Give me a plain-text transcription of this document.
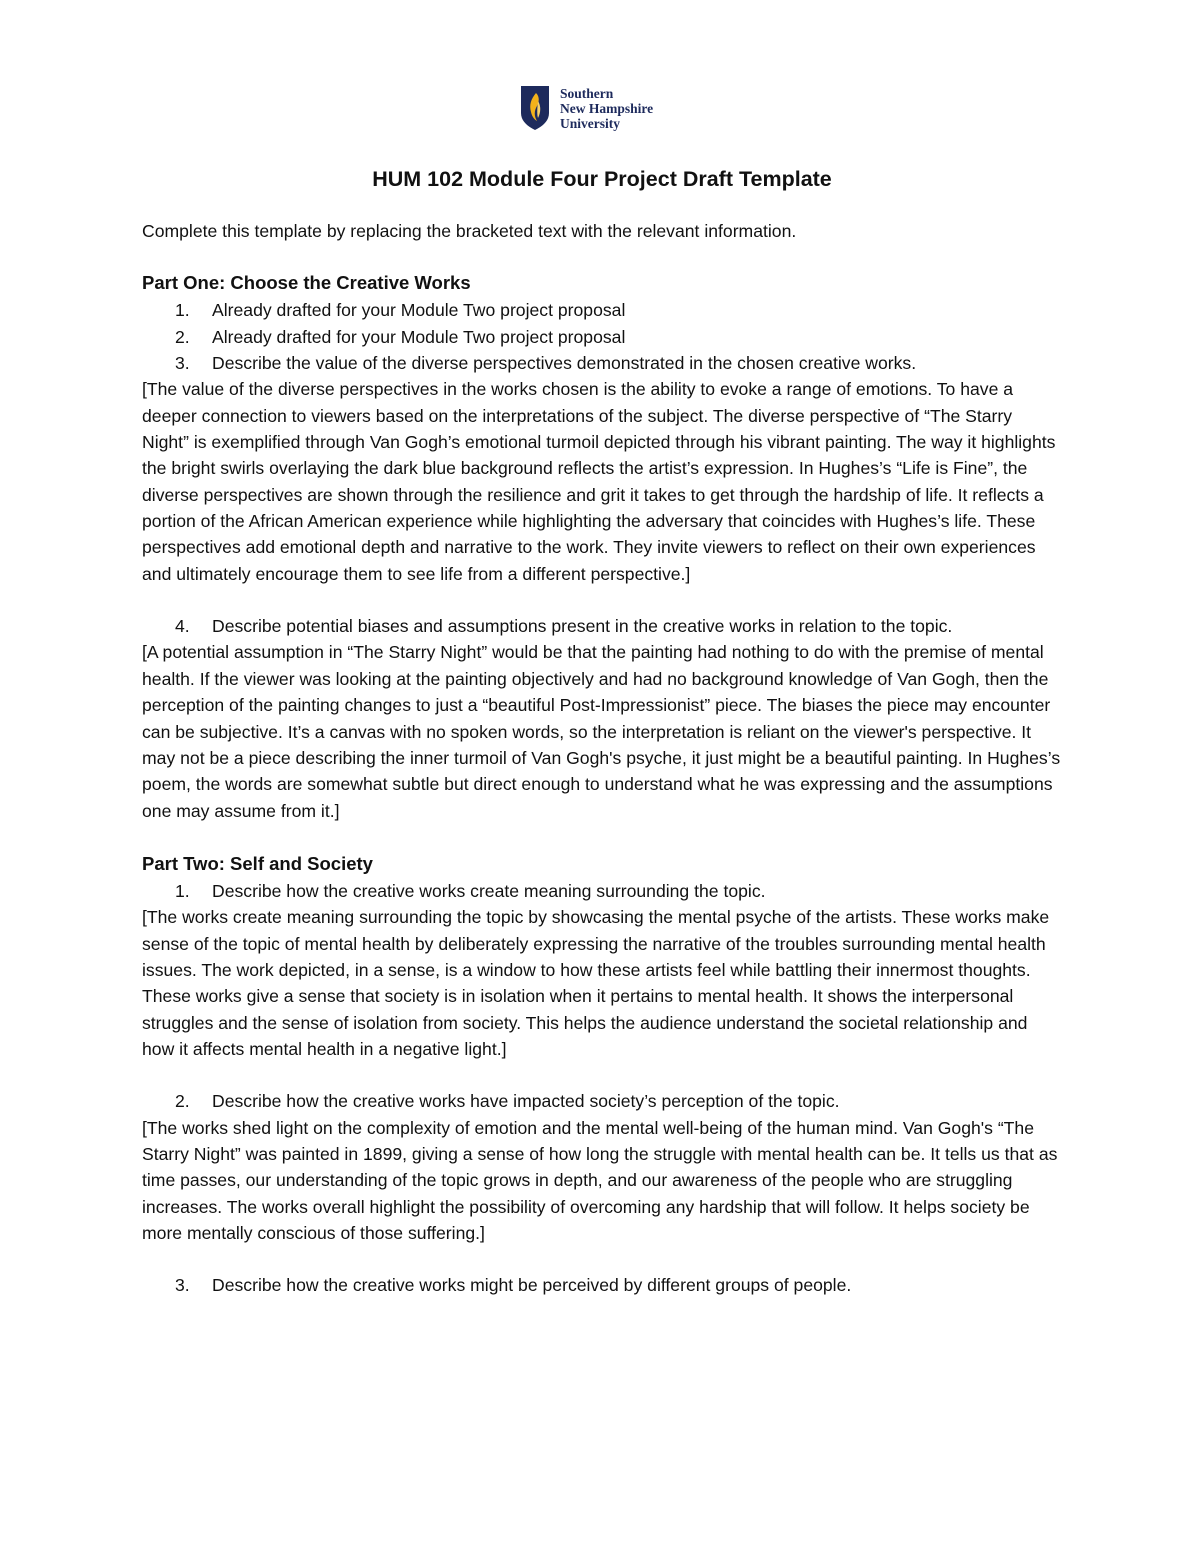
Southern
New Hampshire
University
HUM 102 Module Four Project Draft Template
Complete this template by replacing the bracketed text with the relevant information.
Part One: Choose the Creative Works
1.	Already drafted for your Module Two project proposal
2.	Already drafted for your Module Two project proposal
3.	Describe the value of the diverse perspectives demonstrated in the chosen creative works.
[The value of the diverse perspectives in the works chosen is the ability to evoke a range of emotions. To have a deeper connection to viewers based on the interpretations of the subject. The diverse perspective of “The Starry Night” is exemplified through Van Gogh’s emotional turmoil depicted through his vibrant painting. The way it highlights the bright swirls overlaying the dark blue background reflects the artist’s expression. In Hughes’s “Life is Fine”, the diverse perspectives are shown through the resilience and grit it takes to get through the hardship of life. It reflects a portion of the African American experience while highlighting the adversary that coincides with Hughes’s life. These perspectives add emotional depth and narrative to the work. They invite viewers to reflect on their own experiences and ultimately encourage them to see life from a different perspective.]
4.	Describe potential biases and assumptions present in the creative works in relation to the topic.
[A potential assumption in “The Starry Night” would be that the painting had nothing to do with the premise of mental health. If the viewer was looking at the painting objectively and had no background knowledge of Van Gogh, then the perception of the painting changes to just a “beautiful Post-Impressionist” piece. The biases the piece may encounter can be subjective. It’s a canvas with no spoken words, so the interpretation is reliant on the viewer's perspective. It may not be a piece describing the inner turmoil of Van Gogh's psyche, it just might be a beautiful painting. In Hughes’s poem, the words are somewhat subtle but direct enough to understand what he was expressing and the assumptions one may assume from it.]
Part Two: Self and Society
1.	Describe how the creative works create meaning surrounding the topic.
[The works create meaning surrounding the topic by showcasing the mental psyche of the artists. These works make sense of the topic of mental health by deliberately expressing the narrative of the troubles surrounding mental health issues. The work depicted, in a sense, is a window to how these artists feel while battling their innermost thoughts. These works give a sense that society is in isolation when it pertains to mental health. It shows the interpersonal struggles and the sense of isolation from society. This helps the audience understand the societal relationship and how it affects mental health in a negative light.]
2.	Describe how the creative works have impacted society’s perception of the topic.
[The works shed light on the complexity of emotion and the mental well-being of the human mind. Van Gogh's “The Starry Night” was painted in 1899, giving a sense of how long the struggle with mental health can be. It tells us that as time passes, our understanding of the topic grows in depth, and our awareness of the people who are struggling increases. The works overall highlight the possibility of overcoming any hardship that will follow. It helps society be more mentally conscious of those suffering.]
3.	Describe how the creative works might be perceived by different groups of people.
